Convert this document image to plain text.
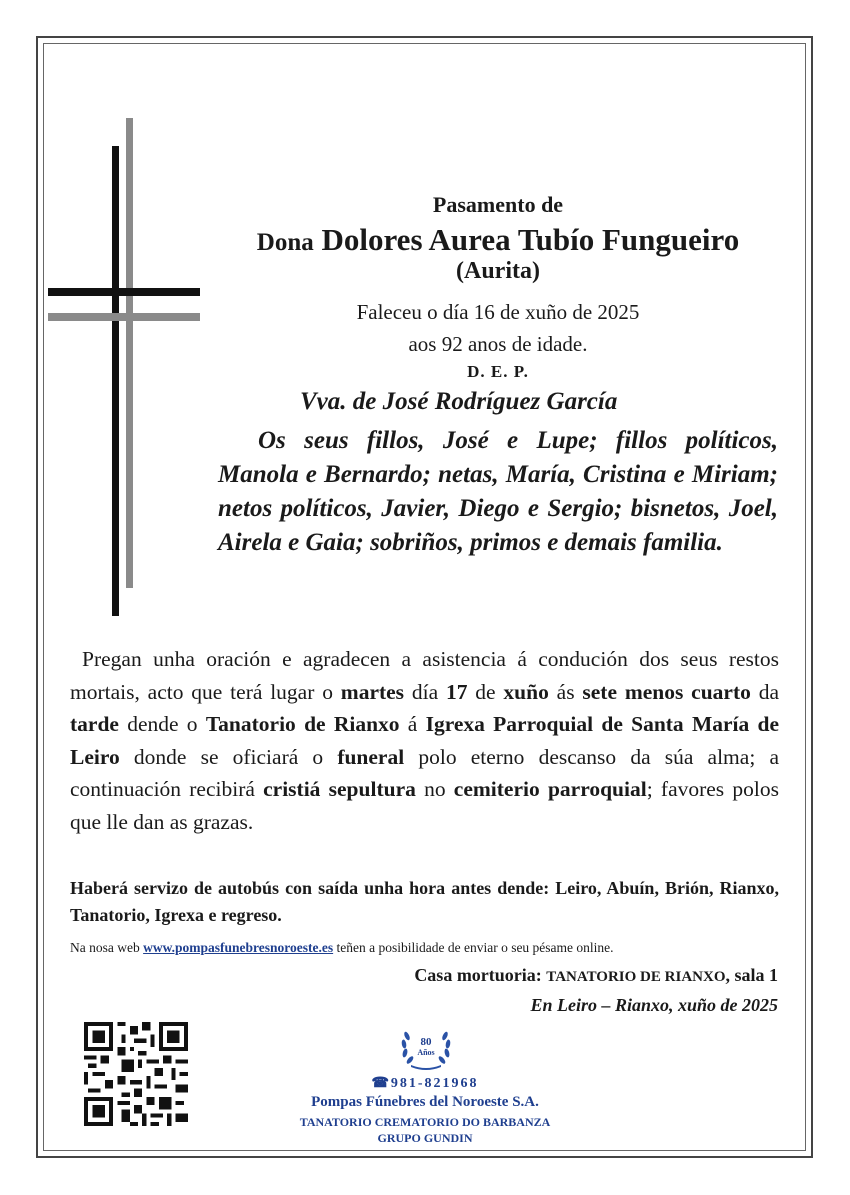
Pasamento de
Dona Dolores Aurea Tubío Fungueiro
(Aurita)
Faleceu o día 16 de xuño de 2025
aos 92 anos de idade.
D. E. P.
Vva. de José Rodríguez García
Os seus fillos, José e Lupe; fillos políticos, Manola e Bernardo; netas, María, Cristina e Miriam; netos políticos, Javier, Diego e Sergio; bisnetos, Joel, Airela e Gaia; sobriños, primos e demais familia.
Pregan unha oración e agradecen a asistencia á condución dos seus restos mortais, acto que terá lugar o martes día 17 de xuño ás sete menos cuarto da tarde dende o Tanatorio de Rianxo á Igrexa Parroquial de Santa María de Leiro donde se oficiará o funeral polo eterno descanso da súa alma; a continuación recibirá cristiá sepultura no cemiterio parroquial; favores polos que lle dan as grazas.
Haberá servizo de autobús con saída unha hora antes dende: Leiro, Abuín, Brión, Rianxo, Tanatorio, Igrexa e regreso.
Na nosa web www.pompasfunebresnoroeste.es teñen a posibilidade de enviar o seu pésame online.
Casa mortuoria: TANATORIO DE RIANXO, sala 1
En Leiro – Rianxo, xuño de 2025
80
Años
☎981-821968
Pompas Fúnebres del Noroeste S.A.
TANATORIO CREMATORIO DO BARBANZA
GRUPO GUNDIN
